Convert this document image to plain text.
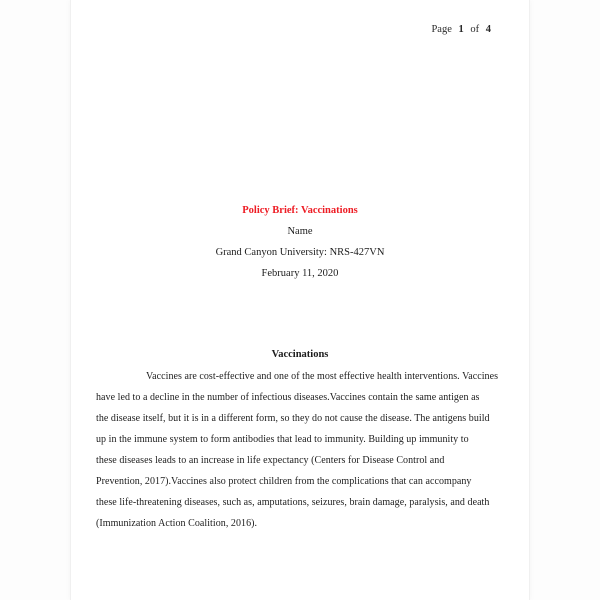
Page 1 of 4
Policy Brief: Vaccinations
Name
Grand Canyon University: NRS-427VN
February 11, 2020
Vaccinations
Vaccines are cost-effective and one of the most effective health interventions. Vaccines
have led to a decline in the number of infectious diseases.Vaccines contain the same antigen as
the disease itself, but it is in a different form, so they do not cause the disease. The antigens build
up in the immune system to form antibodies that lead to immunity. Building up immunity to
these diseases leads to an increase in life expectancy (Centers for Disease Control and
Prevention, 2017).Vaccines also protect children from the complications that can accompany
these life-threatening diseases, such as, amputations, seizures, brain damage, paralysis, and death
(Immunization Action Coalition, 2016).
